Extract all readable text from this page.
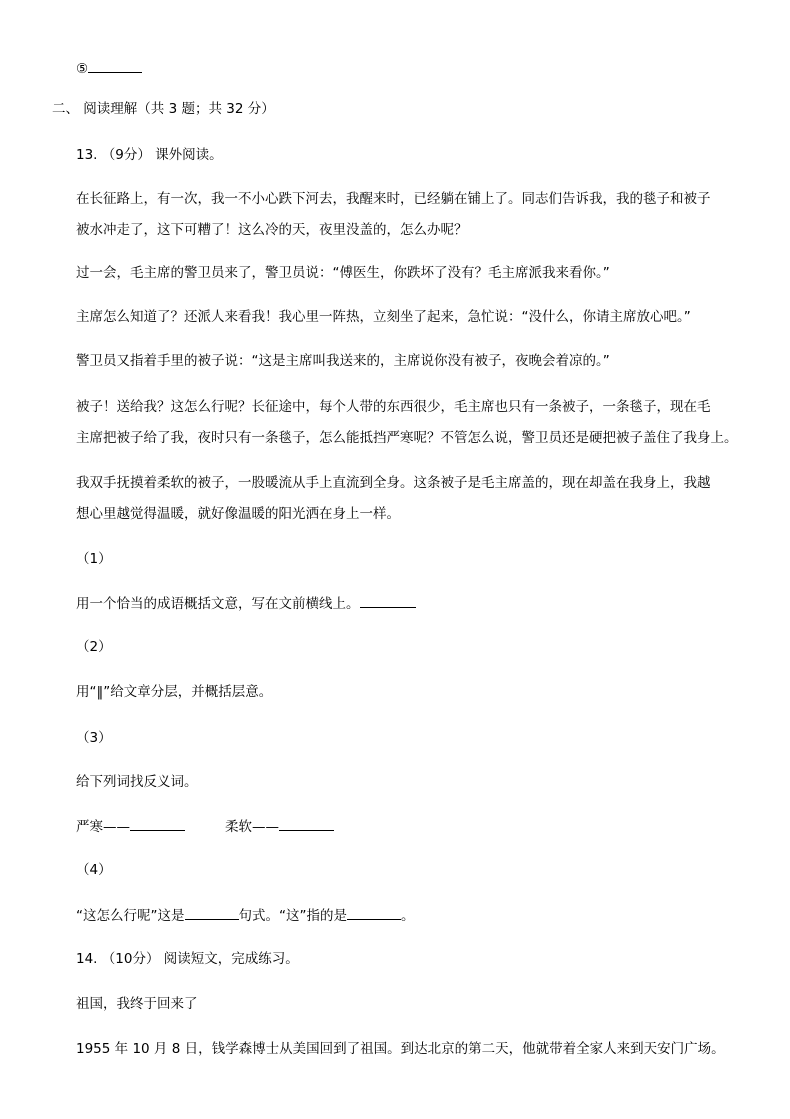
⑤
二、 阅读理解（共 3 题；共 32 分）
13. （9分） 课外阅读。
在长征路上，有一次，我一不小心跌下河去，我醒来时，已经躺在铺上了。同志们告诉我，我的毯子和被子
被水冲走了，这下可糟了！这么冷的天，夜里没盖的，怎么办呢？
过一会，毛主席的警卫员来了，警卫员说：“傅医生，你跌坏了没有？毛主席派我来看你。”
主席怎么知道了？还派人来看我！我心里一阵热，立刻坐了起来，急忙说：“没什么，你请主席放心吧。”
警卫员又指着手里的被子说：“这是主席叫我送来的，主席说你没有被子，夜晚会着凉的。”
被子！送给我？这怎么行呢？长征途中，每个人带的东西很少，毛主席也只有一条被子，一条毯子，现在毛
主席把被子给了我，夜时只有一条毯子，怎么能抵挡严寒呢？不管怎么说，警卫员还是硬把被子盖住了我身上。
我双手抚摸着柔软的被子，一股暖流从手上直流到全身。这条被子是毛主席盖的，现在却盖在我身上，我越
想心里越觉得温暖，就好像温暖的阳光洒在身上一样。
（1）
用一个恰当的成语概括文意，写在文前横线上。
（2）
用“‖”给文章分层，并概括层意。
（3）
给下列词找反义词。
严寒——	柔软——
（4）
“这怎么行呢”这是	句式。“这”指的是	。
14. （10分） 阅读短文，完成练习。
祖国，我终于回来了
1955 年 10 月 8 日，钱学森博士从美国回到了祖国。到达北京的第二天，他就带着全家人来到天安门广场。
